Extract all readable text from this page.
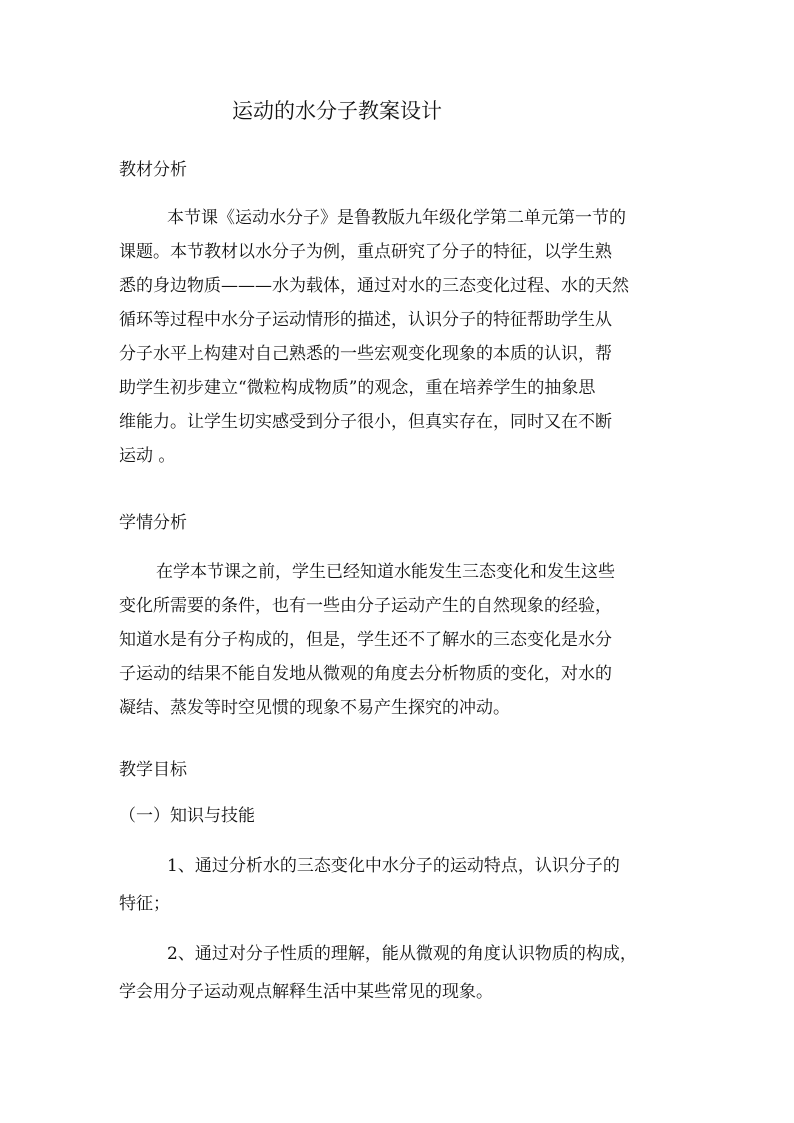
运动的水分子教案设计
教材分析
本节课《运动水分子》是鲁教版九年级化学第二单元第一节的
课题。本节教材以水分子为例，重点研究了分子的特征，以学生熟
悉的身边物质———水为载体，通过对水的三态变化过程、水的天然
循环等过程中水分子运动情形的描述，认识分子的特征帮助学生从
分子水平上构建对自己熟悉的一些宏观变化现象的本质的认识，帮
助学生初步建立“微粒构成物质”的观念，重在培养学生的抽象思
维能力。让学生切实感受到分子很小，但真实存在，同时又在不断
运动 。
学情分析
在学本节课之前，学生已经知道水能发生三态变化和发生这些
变化所需要的条件，也有一些由分子运动产生的自然现象的经验，
知道水是有分子构成的，但是，学生还不了解水的三态变化是水分
子运动的结果不能自发地从微观的角度去分析物质的变化，对水的
凝结、蒸发等时空见惯的现象不易产生探究的冲动。
教学目标
（一）知识与技能
1、通过分析水的三态变化中水分子的运动特点，认识分子的
特征；
2、通过对分子性质的理解，能从微观的角度认识物质的构成，
学会用分子运动观点解释生活中某些常见的现象。
